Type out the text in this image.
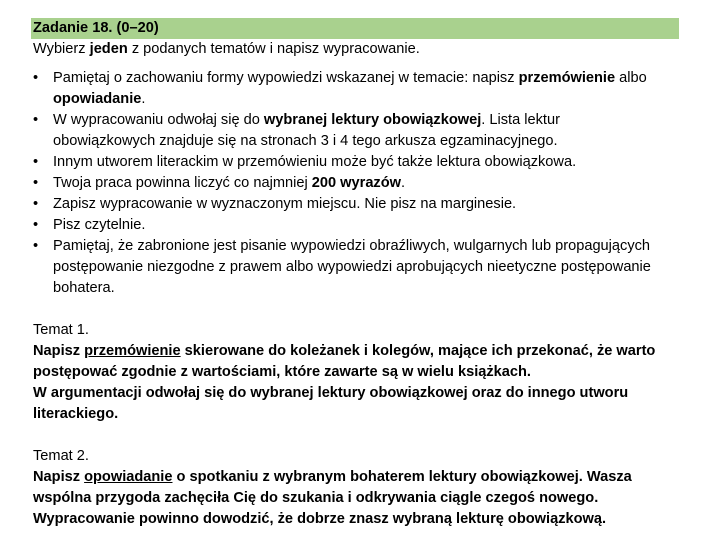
Zadanie 18. (0–20)
Wybierz jeden z podanych tematów i napisz wypracowanie.
• Pamiętaj o zachowaniu formy wypowiedzi wskazanej w temacie: napisz przemówienie albo opowiadanie.
• W wypracowaniu odwołaj się do wybranej lektury obowiązkowej. Lista lektur obowiązkowych znajduje się na stronach 3 i 4 tego arkusza egzaminacyjnego.
• Innym utworem literackim w przemówieniu może być także lektura obowiązkowa.
• Twoja praca powinna liczyć co najmniej 200 wyrazów.
• Zapisz wypracowanie w wyznaczonym miejscu. Nie pisz na marginesie.
• Pisz czytelnie.
• Pamiętaj, że zabronione jest pisanie wypowiedzi obraźliwych, wulgarnych lub propagujących postępowanie niezgodne z prawem albo wypowiedzi aprobujących nieetyczne postępowanie bohatera.
Temat 1.
Napisz przemówienie skierowane do koleżanek i kolegów, mające ich przekonać, że warto postępować zgodnie z wartościami, które zawarte są w wielu książkach.
W argumentacji odwołaj się do wybranej lektury obowiązkowej oraz do innego utworu literackiego.
Temat 2.
Napisz opowiadanie o spotkaniu z wybranym bohaterem lektury obowiązkowej. Wasza wspólna przygoda zachęciła Cię do szukania i odkrywania ciągle czegoś nowego. Wypracowanie powinno dowodzić, że dobrze znasz wybraną lekturę obowiązkową.
